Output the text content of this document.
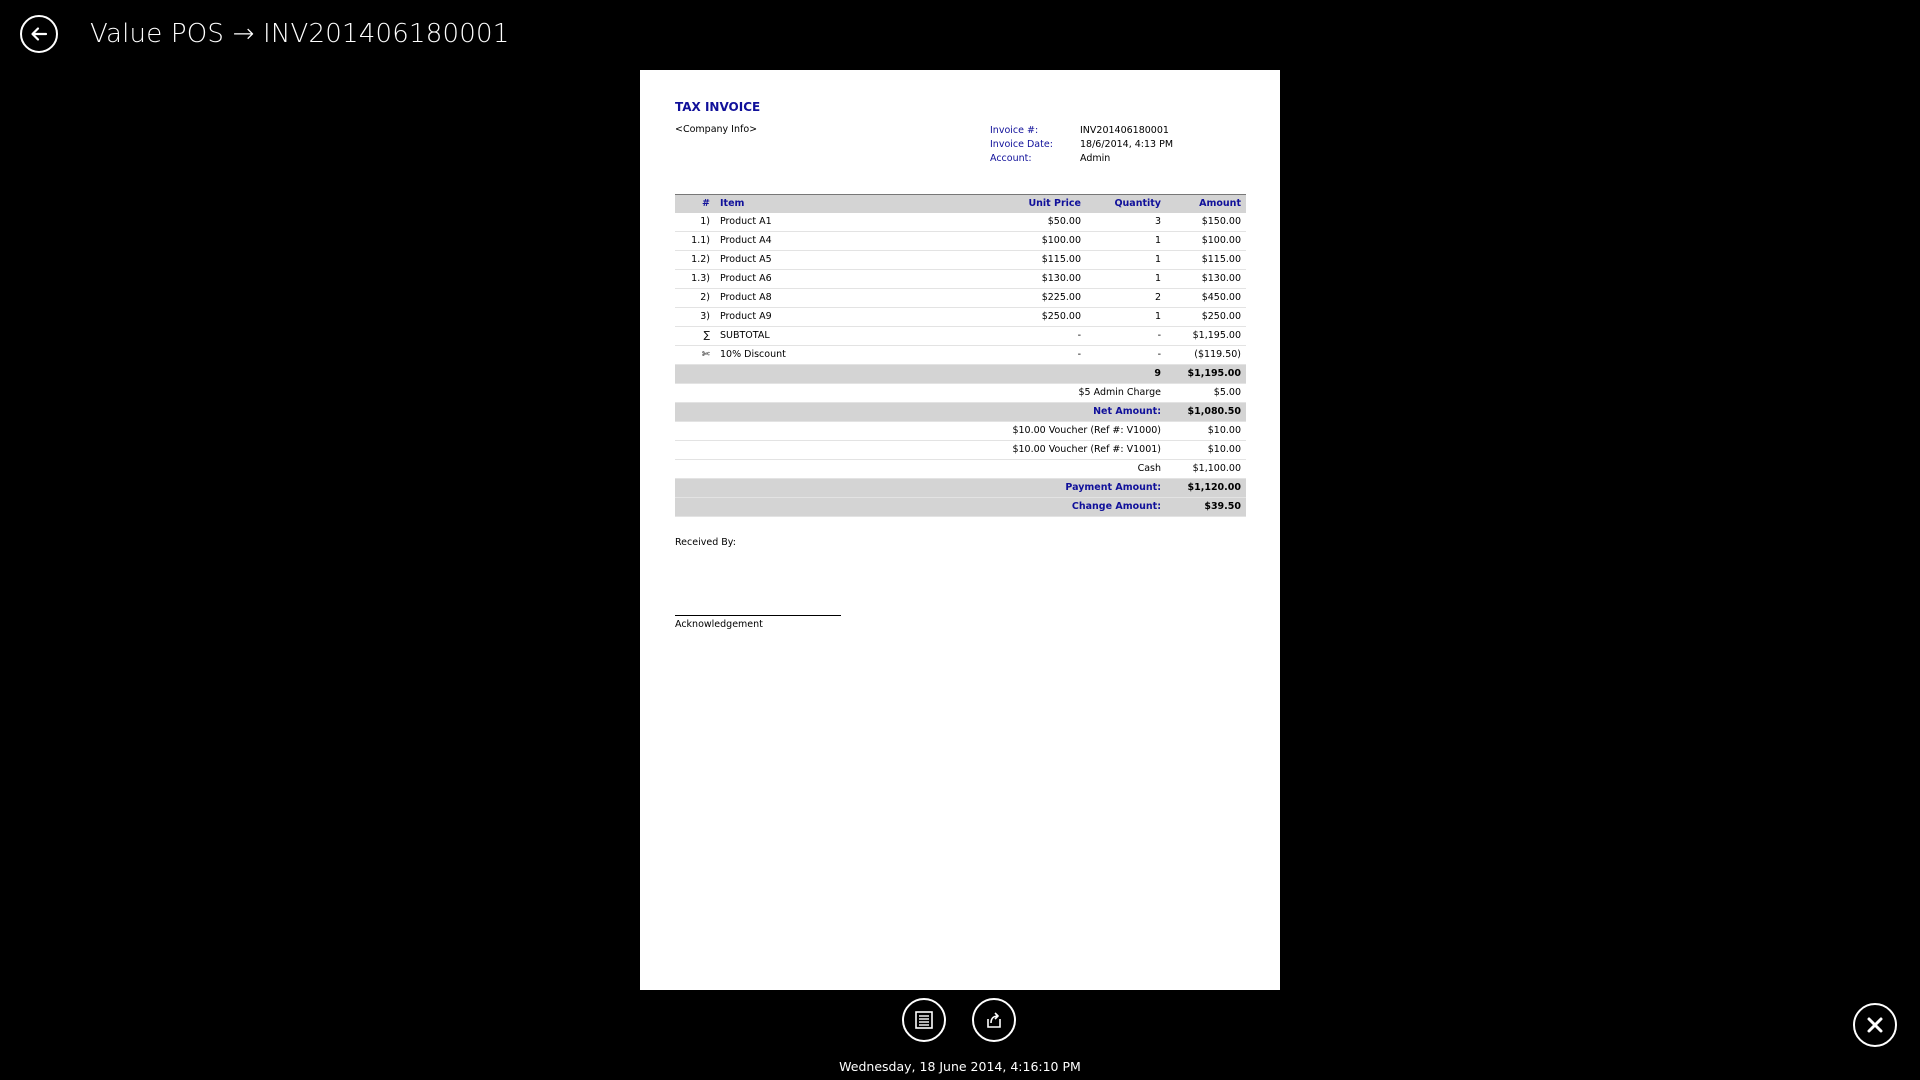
Value POS → INV201406180001
TAX INVOICE
<Company Info>	Invoice #:	INV201406180001
Invoice Date:	18/6/2014, 4:13 PM
Account:	Admin
#	Item	Unit Price	Quantity	Amount
1)	Product A1	$50.00	3	$150.00
1.1)	Product A4	$100.00	1	$100.00
1.2)	Product A5	$115.00	1	$115.00
1.3)	Product A6	$130.00	1	$130.00
2)	Product A8	$225.00	2	$450.00
3)	Product A9	$250.00	1	$250.00
∑	SUBTOTAL	-	-	$1,195.00
✄	10% Discount	-	-	($119.50)
			9	$1,195.00
$5 Admin Charge				$5.00
Net Amount:				$1,080.50
$10.00 Voucher (Ref #: V1000)				$10.00
$10.00 Voucher (Ref #: V1001)				$10.00
Cash				$1,100.00
Payment Amount:				$1,120.00
Change Amount:				$39.50
Received By:
Acknowledgement
Wednesday, 18 June 2014, 4:16:10 PM
